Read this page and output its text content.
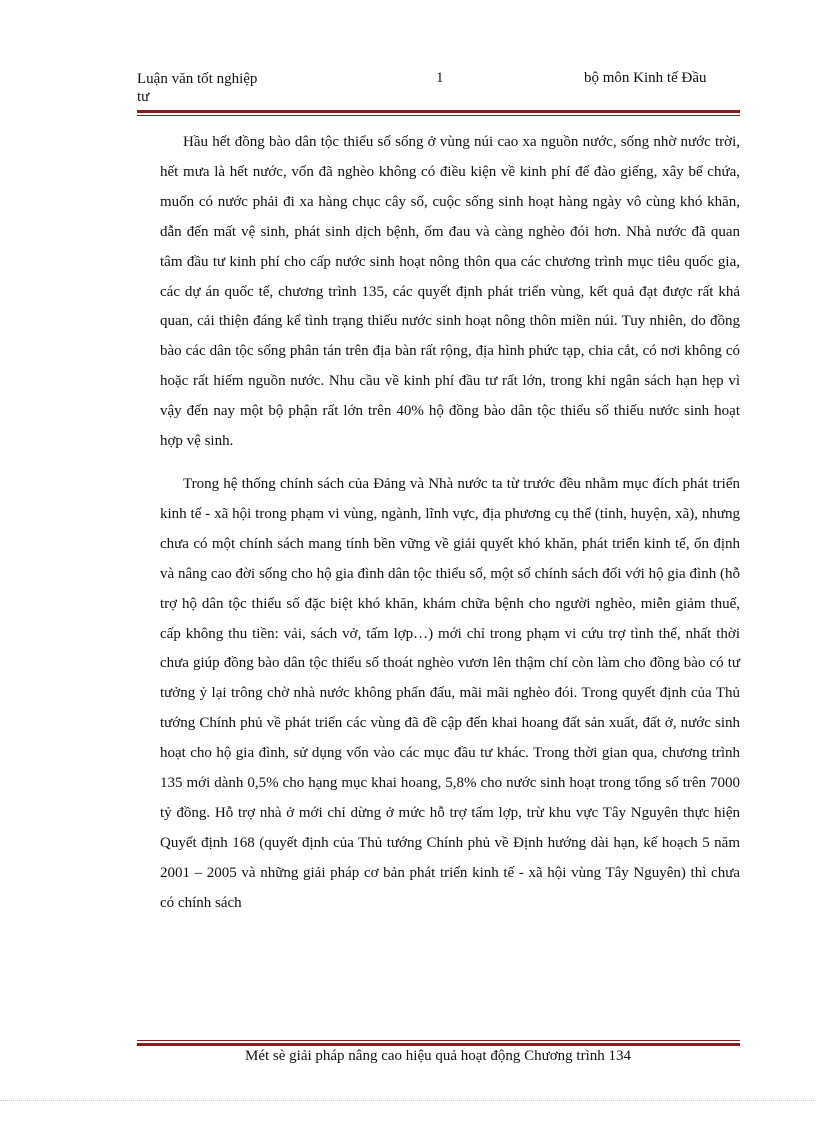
Luận văn tốt nghiệp
tư
1	bộ môn Kinh tế Đầu

Hầu hết đồng bào dân tộc thiểu số sống ở vùng núi cao xa nguồn nước, sống nhờ nước trời, hết mưa là hết nước, vốn đã nghèo không có điều kiện về kinh phí để đào giếng, xây bể chứa, muốn có nước phải đi xa hàng chục cây số, cuộc sống sinh hoạt hàng ngày vô cùng khó khăn, dẫn đến mất vệ sinh, phát sinh dịch bệnh, ốm đau và càng nghèo đói hơn. Nhà nước đã quan tâm đầu tư kinh phí cho cấp nước sinh hoạt nông thôn qua các chương trình mục tiêu quốc gia, các dự án quốc tế, chương trình 135, các quyết định phát triển vùng, kết quả đạt được rất khả quan, cải thiện đáng kể tình trạng thiếu nước sinh hoạt nông thôn miền núi. Tuy nhiên, do đồng bào các dân tộc sống phân tán trên địa bàn rất rộng, địa hình phức tạp, chia cắt, có nơi không có hoặc rất hiếm nguồn nước. Nhu cầu về kinh phí đầu tư rất lớn, trong khi ngân sách hạn hẹp vì vậy đến nay một bộ phận rất lớn trên 40% hộ đồng bào dân tộc thiểu số thiếu nước sinh hoạt hợp vệ sinh.

Trong hệ thống chính sách của Đảng và Nhà nước ta từ trước đều nhằm mục đích phát triển kinh tế - xã hội trong phạm vi vùng, ngành, lĩnh vực, địa phương cụ thể (tỉnh, huyện, xã), nhưng chưa có một chính sách mang tính bền vững về giải quyết khó khăn, phát triển kinh tế, ổn định và nâng cao đời sống cho hộ gia đình dân tộc thiểu số, một số chính sách đối với hộ gia đình (hỗ trợ hộ dân tộc thiểu số đặc biệt khó khăn, khám chữa bệnh cho người nghèo, miễn giảm thuế, cấp không thu tiền: vải, sách vở, tấm lợp…) mới chỉ trong phạm vi cứu trợ tình thế, nhất thời chưa giúp đồng bào dân tộc thiểu số thoát nghèo vươn lên thậm chí còn làm cho đồng bào có tư tưởng ỷ lại trông chờ nhà nước không phấn đấu, mãi mãi nghèo đói. Trong quyết định của Thủ tướng Chính phủ về phát triển các vùng đã đề cập đến khai hoang đất sản xuất, đất ở, nước sinh hoạt cho hộ gia đình, sử dụng vốn vào các mục đầu tư khác. Trong thời gian qua, chương trình 135 mới dành 0,5% cho hạng mục khai hoang, 5,8% cho nước sinh hoạt trong tổng số trên 7000 tỷ đồng. Hỗ trợ nhà ở mới chỉ dừng ở mức hỗ trợ tấm lợp, trừ khu vực Tây Nguyên thực hiện Quyết định 168 (quyết định của Thủ tướng Chính phủ về Định hướng dài hạn, kế hoạch 5 năm 2001 – 2005 và những giải pháp cơ bản phát triển kinh tế - xã hội vùng Tây Nguyên) thì chưa có chính sách

Mét sè giải pháp nâng cao hiệu quả hoạt động Chương trình 134
